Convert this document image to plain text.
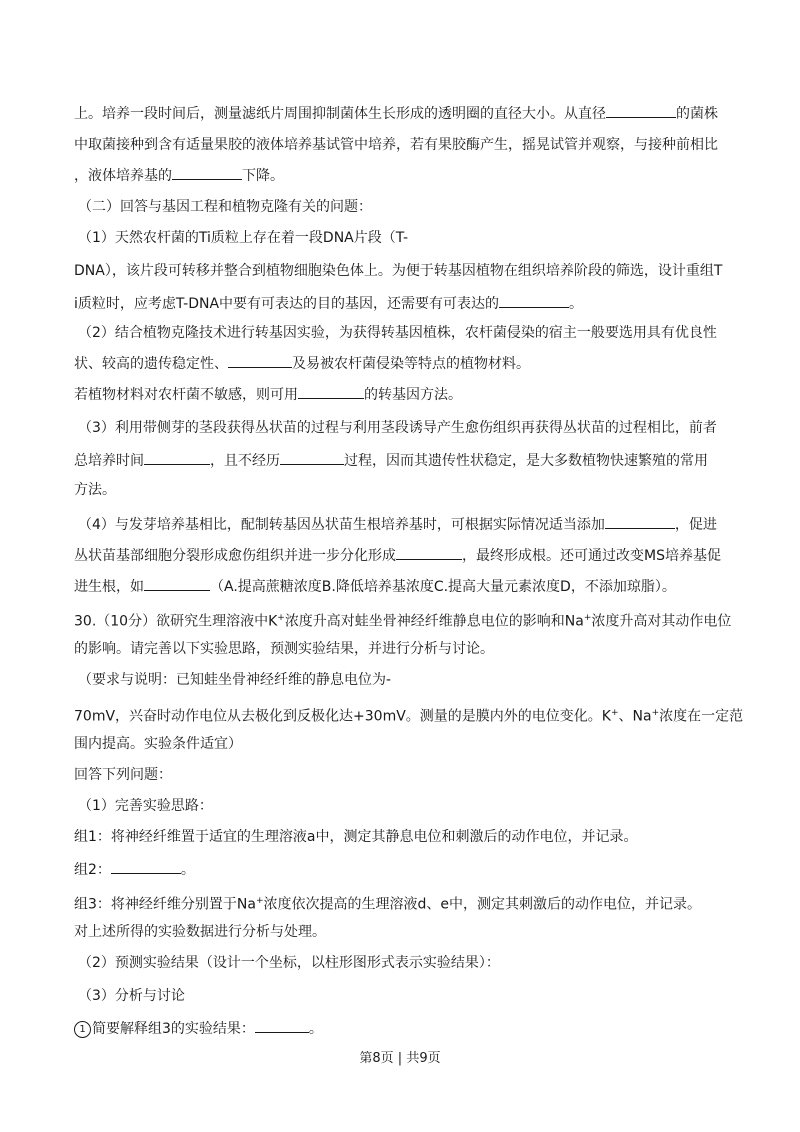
上。培养一段时间后，测量滤纸片周围抑制菌体生长形成的透明圈的直径大小。从直径	的菌株
中取菌接种到含有适量果胶的液体培养基试管中培养，若有果胶酶产生，摇晃试管并观察，与接种前相比
，液体培养基的	下降。
（二）回答与基因工程和植物克隆有关的问题：
（1）天然农杆菌的Ti质粒上存在着一段DNA片段（T-
DNA），该片段可转移并整合到植物细胞染色体上。为便于转基因植物在组织培养阶段的筛选，设计重组T
i质粒时，应考虑T-DNA中要有可表达的目的基因，还需要有可表达的	。
（2）结合植物克隆技术进行转基因实验，为获得转基因植株，农杆菌侵染的宿主一般要选用具有优良性
状、较高的遗传稳定性、	及易被农杆菌侵染等特点的植物材料。
若植物材料对农杆菌不敏感，则可用	的转基因方法。
（3）利用带侧芽的茎段获得丛状苗的过程与利用茎段诱导产生愈伤组织再获得丛状苗的过程相比，前者
总培养时间	，且不经历	过程，因而其遗传性状稳定，是大多数植物快速繁殖的常用
方法。
（4）与发芽培养基相比，配制转基因丛状苗生根培养基时，可根据实际情况适当添加	，促进
丛状苗基部细胞分裂形成愈伤组织并进一步分化形成	，最终形成根。还可通过改变MS培养基促
进生根，如	（A.提高蔗糖浓度B.降低培养基浓度C.提高大量元素浓度D，不添加琼脂）。
30.（10分）欲研究生理溶液中K+浓度升高对蛙坐骨神经纤维静息电位的影响和Na+浓度升高对其动作电位
的影响。请完善以下实验思路，预测实验结果，并进行分析与讨论。
（要求与说明：已知蛙坐骨神经纤维的静息电位为-
70mV，兴奋时动作电位从去极化到反极化达+30mV。测量的是膜内外的电位变化。K+、Na+浓度在一定范
围内提高。实验条件适宜）
回答下列问题：
（1）完善实验思路：
组1：将神经纤维置于适宜的生理溶液a中，测定其静息电位和刺激后的动作电位，并记录。
组2：	。
组3：将神经纤维分别置于Na+浓度依次提高的生理溶液d、e中，测定其刺激后的动作电位，并记录。
对上述所得的实验数据进行分析与处理。
（2）预测实验结果（设计一个坐标，以柱形图形式表示实验结果）：
（3）分析与讨论
1 简要解释组3的实验结果：	。
第8页 | 共9页
